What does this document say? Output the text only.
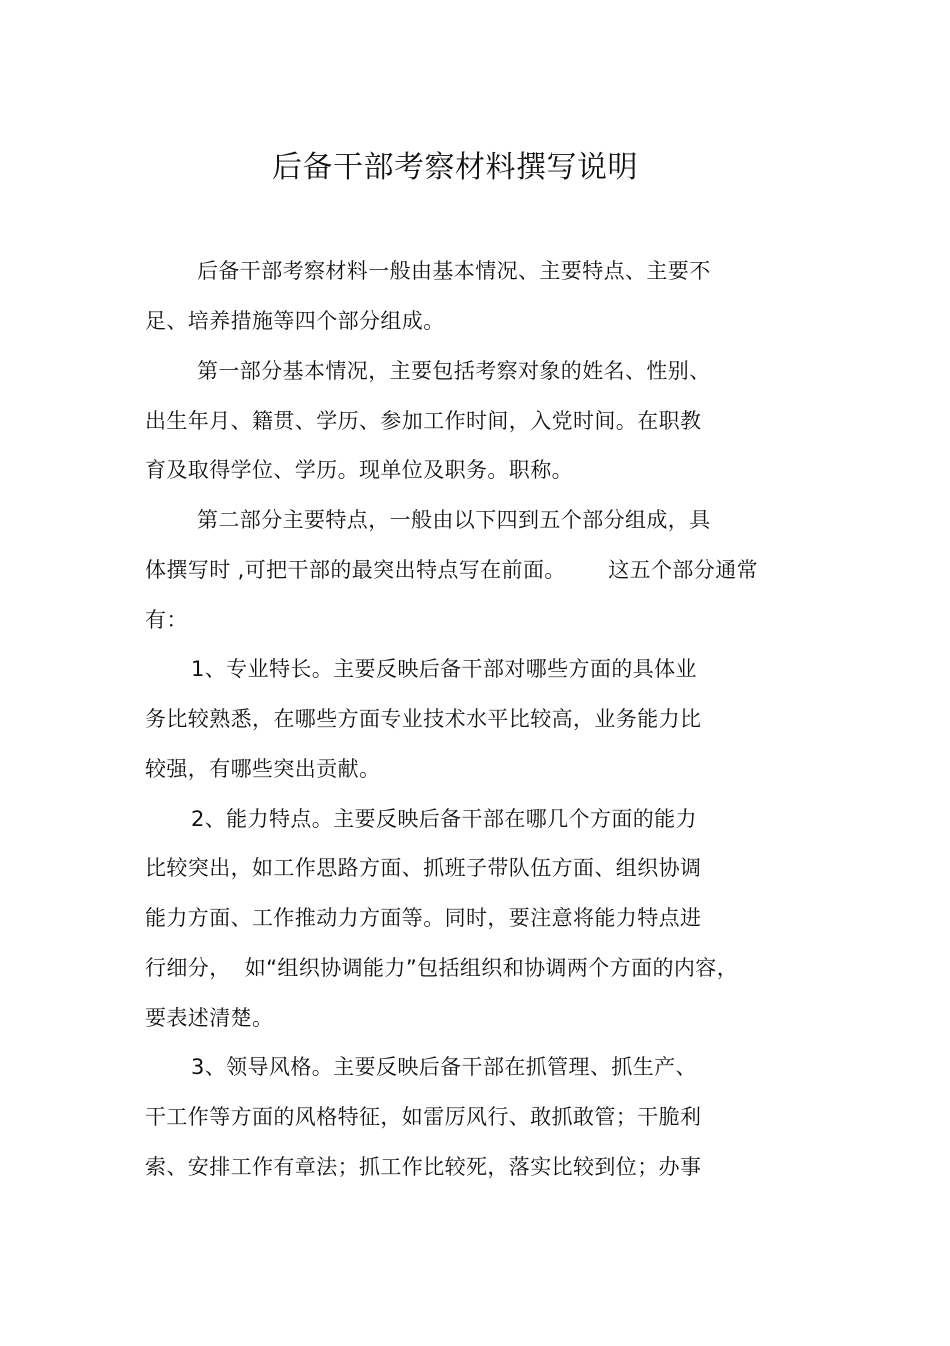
后备干部考察材料撰写说明
后备干部考察材料一般由基本情况、主要特点、主要不
足、培养措施等四个部分组成。
第一部分基本情况，主要包括考察对象的姓名、性别、
出生年月、籍贯、学历、参加工作时间，入党时间。在职教
育及取得学位、学历。现单位及职务。职称。
第二部分主要特点，一般由以下四到五个部分组成，具
体撰写时 ,可把干部的最突出特点写在前面。      这五个部分通常
有：
1、专业特长。主要反映后备干部对哪些方面的具体业
务比较熟悉，在哪些方面专业技术水平比较高，业务能力比
较强，有哪些突出贡献。
2、能力特点。主要反映后备干部在哪几个方面的能力
比较突出，如工作思路方面、抓班子带队伍方面、组织协调
能力方面、工作推动力方面等。同时，要注意将能力特点进
行细分，  如“组织协调能力”包括组织和协调两个方面的内容，
要表述清楚。
3、领导风格。主要反映后备干部在抓管理、抓生产、
干工作等方面的风格特征，如雷厉风行、敢抓敢管；干脆利
索、安排工作有章法；抓工作比较死，落实比较到位；办事
